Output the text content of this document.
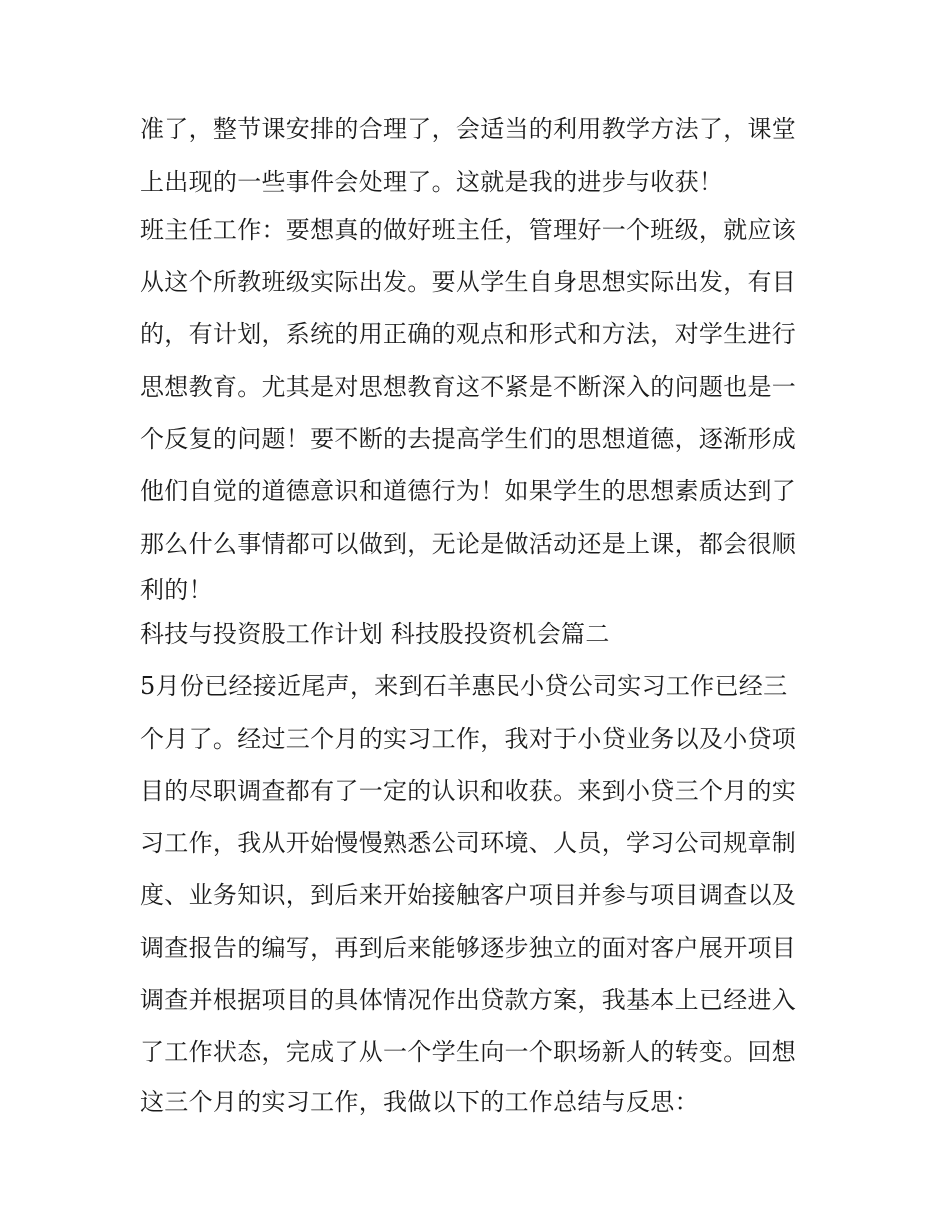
准了，整节课安排的合理了，会适当的利用教学方法了，课堂
上出现的一些事件会处理了。这就是我的进步与收获！
班主任工作：要想真的做好班主任，管理好一个班级，就应该
从这个所教班级实际出发。要从学生自身思想实际出发，有目
的，有计划，系统的用正确的观点和形式和方法，对学生进行
思想教育。尤其是对思想教育这不紧是不断深入的问题也是一
个反复的问题！要不断的去提高学生们的思想道德，逐渐形成
他们自觉的道德意识和道德行为！如果学生的思想素质达到了
那么什么事情都可以做到，无论是做活动还是上课，都会很顺
利的！
科技与投资股工作计划 科技股投资机会篇二
5月份已经接近尾声，来到石羊惠民小贷公司实习工作已经三
个月了。经过三个月的实习工作，我对于小贷业务以及小贷项
目的尽职调查都有了一定的认识和收获。来到小贷三个月的实
习工作，我从开始慢慢熟悉公司环境、人员，学习公司规章制
度、业务知识，到后来开始接触客户项目并参与项目调查以及
调查报告的编写，再到后来能够逐步独立的面对客户展开项目
调查并根据项目的具体情况作出贷款方案，我基本上已经进入
了工作状态，完成了从一个学生向一个职场新人的转变。回想
这三个月的实习工作，我做以下的工作总结与反思：
